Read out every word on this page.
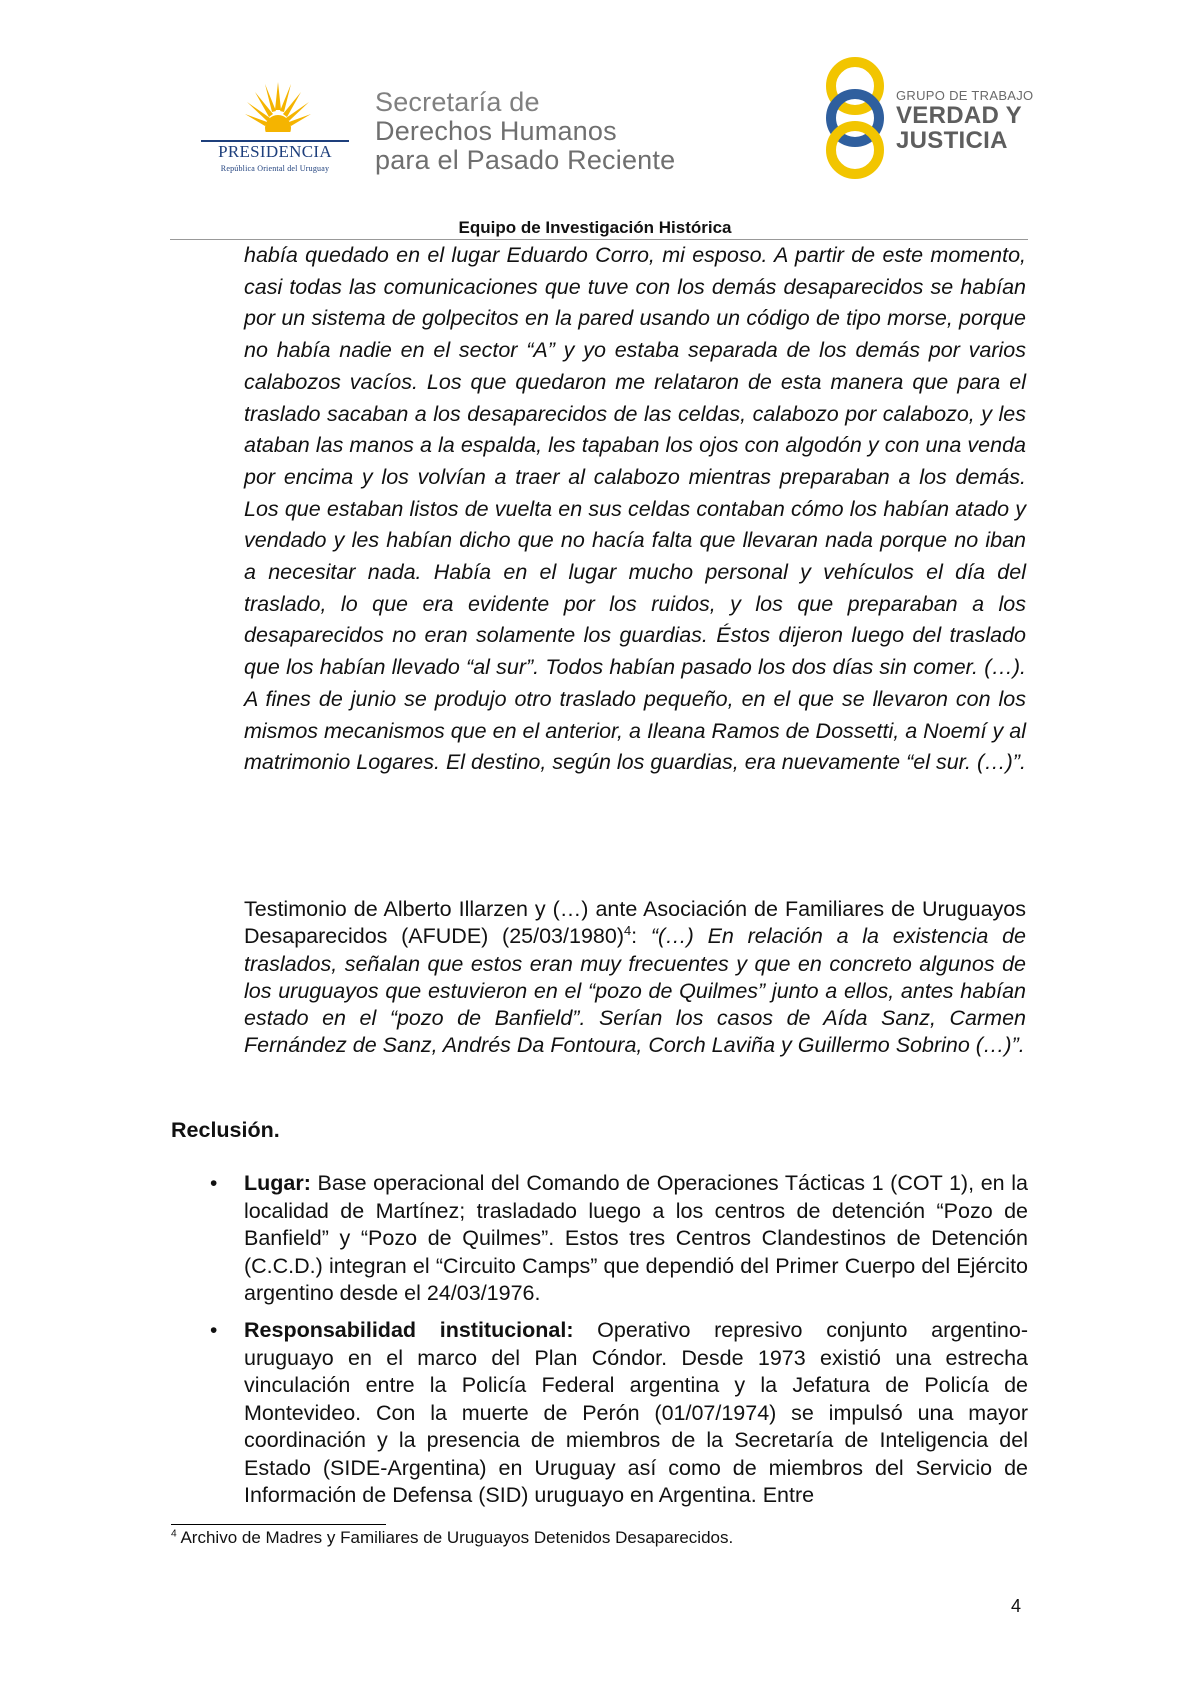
PRESIDENCIA
República Oriental del Uruguay
Secretaría de
Derechos Humanos
para el Pasado Reciente
GRUPO DE TRABAJO
VERDAD Y
JUSTICIA
Equipo de Investigación Histórica
había quedado en el lugar Eduardo Corro, mi esposo. A partir de este momento, casi todas las comunicaciones que tuve con los demás desaparecidos se habían por un sistema de golpecitos en la pared usando un código de tipo morse, porque no había nadie en el sector “A” y yo estaba separada de los demás por varios calabozos vacíos. Los que quedaron me relataron de esta manera que para el traslado sacaban a los desaparecidos de las celdas, calabozo por calabozo, y les ataban las manos a la espalda, les tapaban los ojos con algodón y con una venda por encima y los volvían a traer al calabozo mientras preparaban a los demás. Los que estaban listos de vuelta en sus celdas contaban cómo los habían atado y vendado y les habían dicho que no hacía falta que llevaran nada porque no iban a necesitar nada. Había en el lugar mucho personal y vehículos el día del traslado, lo que era evidente por los ruidos, y los que preparaban a los desaparecidos no eran solamente los guardias. Éstos dijeron luego del traslado que los habían llevado “al sur”. Todos habían pasado los dos días sin comer. (…). A fines de junio se produjo otro traslado pequeño, en el que se llevaron con los mismos mecanismos que en el anterior, a Ileana Ramos de Dossetti, a Noemí y al matrimonio Logares. El destino, según los guardias, era nuevamente “el sur. (…)”.
Testimonio de Alberto Illarzen y (…) ante Asociación de Familiares de Uruguayos Desaparecidos (AFUDE) $(25/03/1980)^4$: “(…) En relación a la existencia de traslados, señalan que estos eran muy frecuentes y que en concreto algunos de los uruguayos que estuvieron en el “pozo de Quilmes” junto a ellos, antes habían estado en el “pozo de Banfield”. Serían los casos de Aída Sanz, Carmen Fernández de Sanz, Andrés Da Fontoura, Corch Laviña y Guillermo Sobrino (…)”.
Reclusión.
• Lugar: Base operacional del Comando de Operaciones Tácticas 1 (COT 1), en la localidad de Martínez; trasladado luego a los centros de detención “Pozo de Banfield” y “Pozo de Quilmes”. Estos tres Centros Clandestinos de Detención (C.C.D.) integran el “Circuito Camps” que dependió del Primer Cuerpo del Ejército argentino desde el 24/03/1976.
• Responsabilidad institucional: Operativo represivo conjunto argentino-uruguayo en el marco del Plan Cóndor. Desde 1973 existió una estrecha vinculación entre la Policía Federal argentina y la Jefatura de Policía de Montevideo. Con la muerte de Perón (01/07/1974) se impulsó una mayor coordinación y la presencia de miembros de la Secretaría de Inteligencia del Estado (SIDE-Argentina) en Uruguay así como de miembros del Servicio de Información de Defensa (SID) uruguayo en Argentina. Entre
$^4$ Archivo de Madres y Familiares de Uruguayos Detenidos Desaparecidos.
4
